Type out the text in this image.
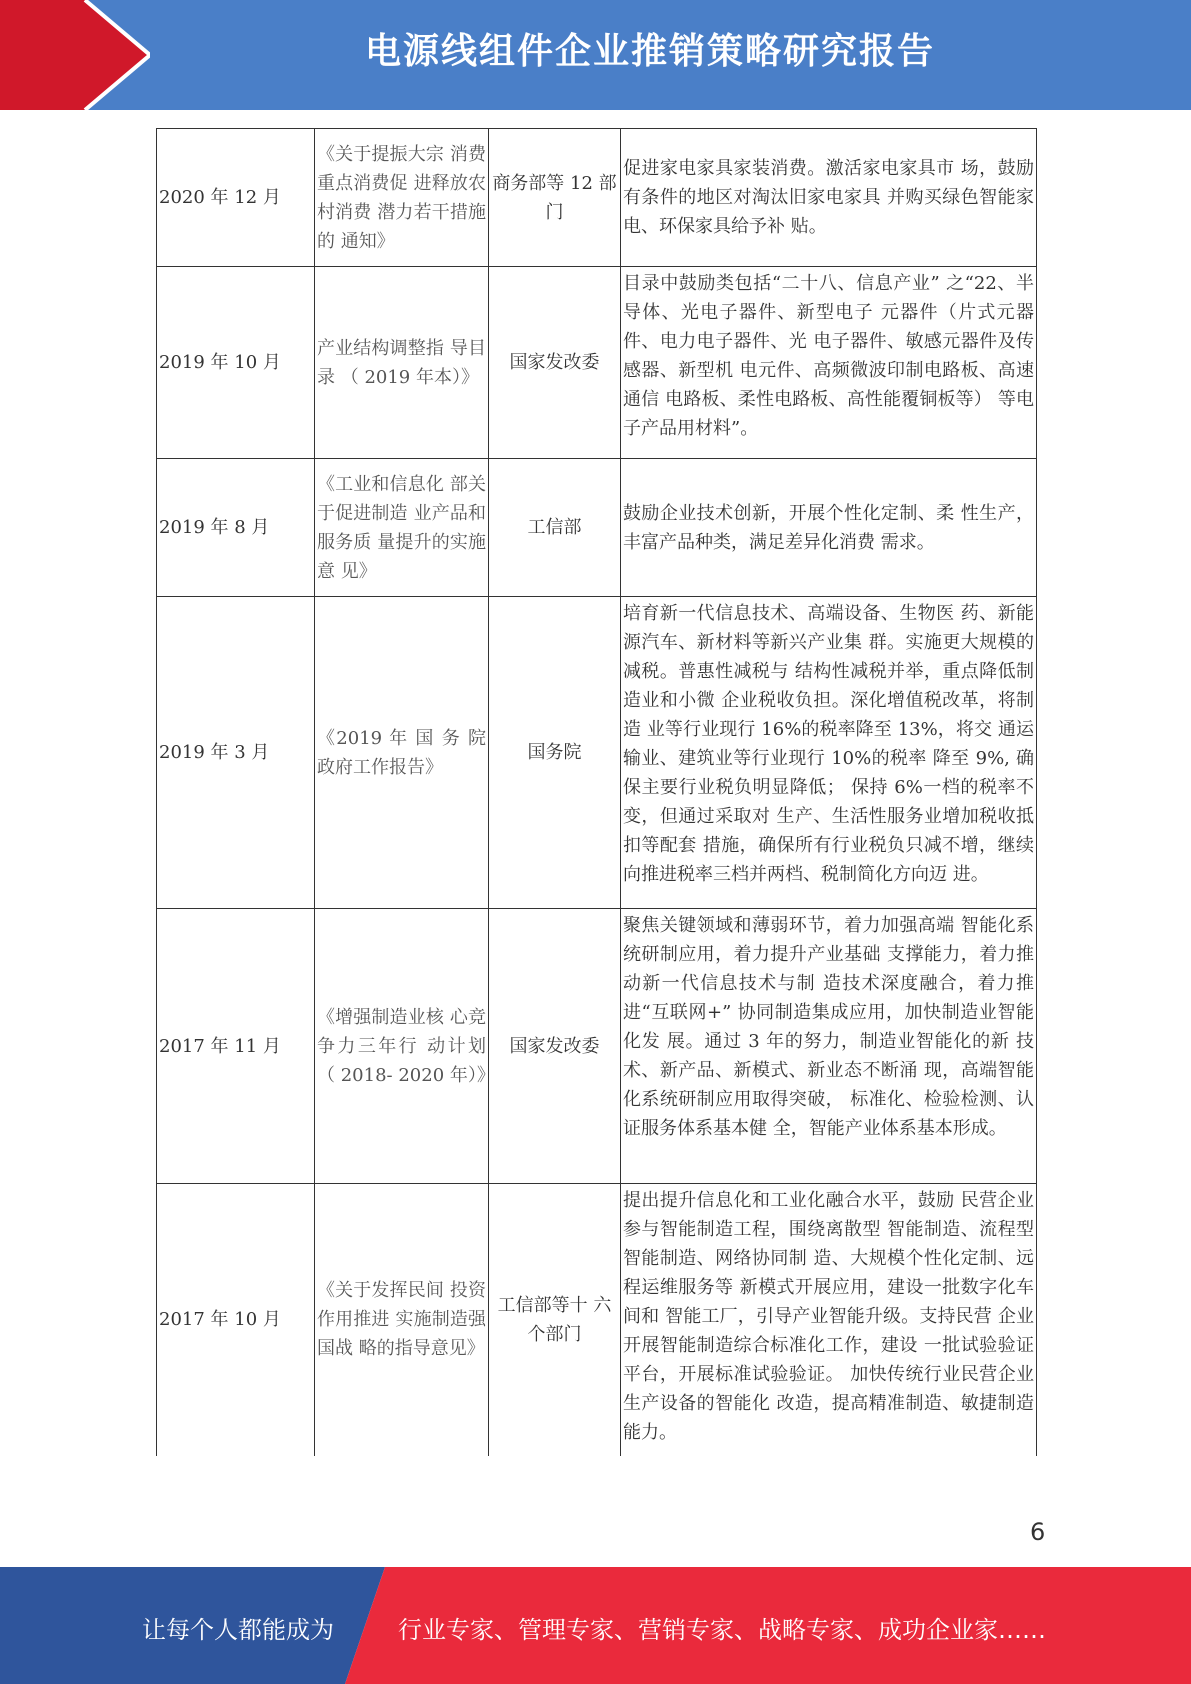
电源线组件企业推销策略研究报告
2020 年 12 月	《关于提振大宗 消费重点消费促 进释放农村消费 潜力若干措施的 通知》	商务部等 12 部门	促进家电家具家装消费。激活家电家具市 场，鼓励有条件的地区对淘汰旧家电家具 并购买绿色智能家电、环保家具给予补 贴。
2019 年 10 月	产业结构调整指 导目 录 （ 2019 年本）》	国家发改委	目录中鼓励类包括“二十八、信息产业” 之“22、半导体、光电子器件、新型电子 元器件（片式元器件、电力电子器件、光 电子器件、敏感元器件及传感器、新型机 电元件、高频微波印制电路板、高速通信 电路板、柔性电路板、高性能覆铜板等） 等电子产品用材料”。
2019 年 8 月	《工业和信息化 部关于促进制造 业产品和服务质 量提升的实施意 见》	工信部	鼓励企业技术创新，开展个性化定制、柔 性生产，丰富产品种类，满足差异化消费 需求。
2019 年 3 月	《2019 年 国 务 院 政府工作报告》	国务院	培育新一代信息技术、高端设备、生物医 药、新能源汽车、新材料等新兴产业集 群。实施更大规模的减税。普惠性减税与 结构性减税并举，重点降低制造业和小微 企业税收负担。深化增值税改革，将制造 业等行业现行 16%的税率降至 13%，将交 通运输业、建筑业等行业现行 10%的税率 降至 9%, 确保主要行业税负明显降低； 保持 6%一档的税率不变，但通过采取对 生产、生活性服务业增加税收抵扣等配套 措施，确保所有行业税负只减不增，继续 向推进税率三档并两档、税制简化方向迈 进。
2017 年 11 月	《增强制造业核 心竞争力三年行 动计划 （ 2018- 2020 年）》	国家发改委	聚焦关键领域和薄弱环节，着力加强高端 智能化系统研制应用，着力提升产业基础 支撑能力，着力推动新一代信息技术与制 造技术深度融合，着力推进“互联网+” 协同制造集成应用，加快制造业智能化发 展。通过 3 年的努力，制造业智能化的新 技术、新产品、新模式、新业态不断涌 现，高端智能化系统研制应用取得突破， 标准化、检验检测、认证服务体系基本健 全，智能产业体系基本形成。
2017 年 10 月	《关于发挥民间 投资作用推进 实施制造强国战 略的指导意见》	工信部等十 六个部门	提出提升信息化和工业化融合水平，鼓励 民营企业参与智能制造工程，围绕离散型 智能制造、流程型智能制造、网络协同制 造、大规模个性化定制、远程运维服务等 新模式开展应用，建设一批数字化车间和 智能工厂，引导产业智能升级。支持民营 企业开展智能制造综合标准化工作，建设 一批试验验证平台，开展标准试验验证。 加快传统行业民营企业生产设备的智能化 改造，提高精准制造、敏捷制造能力。
6
让每个人都能成为	行业专家、管理专家、营销专家、战略专家、成功企业家……
